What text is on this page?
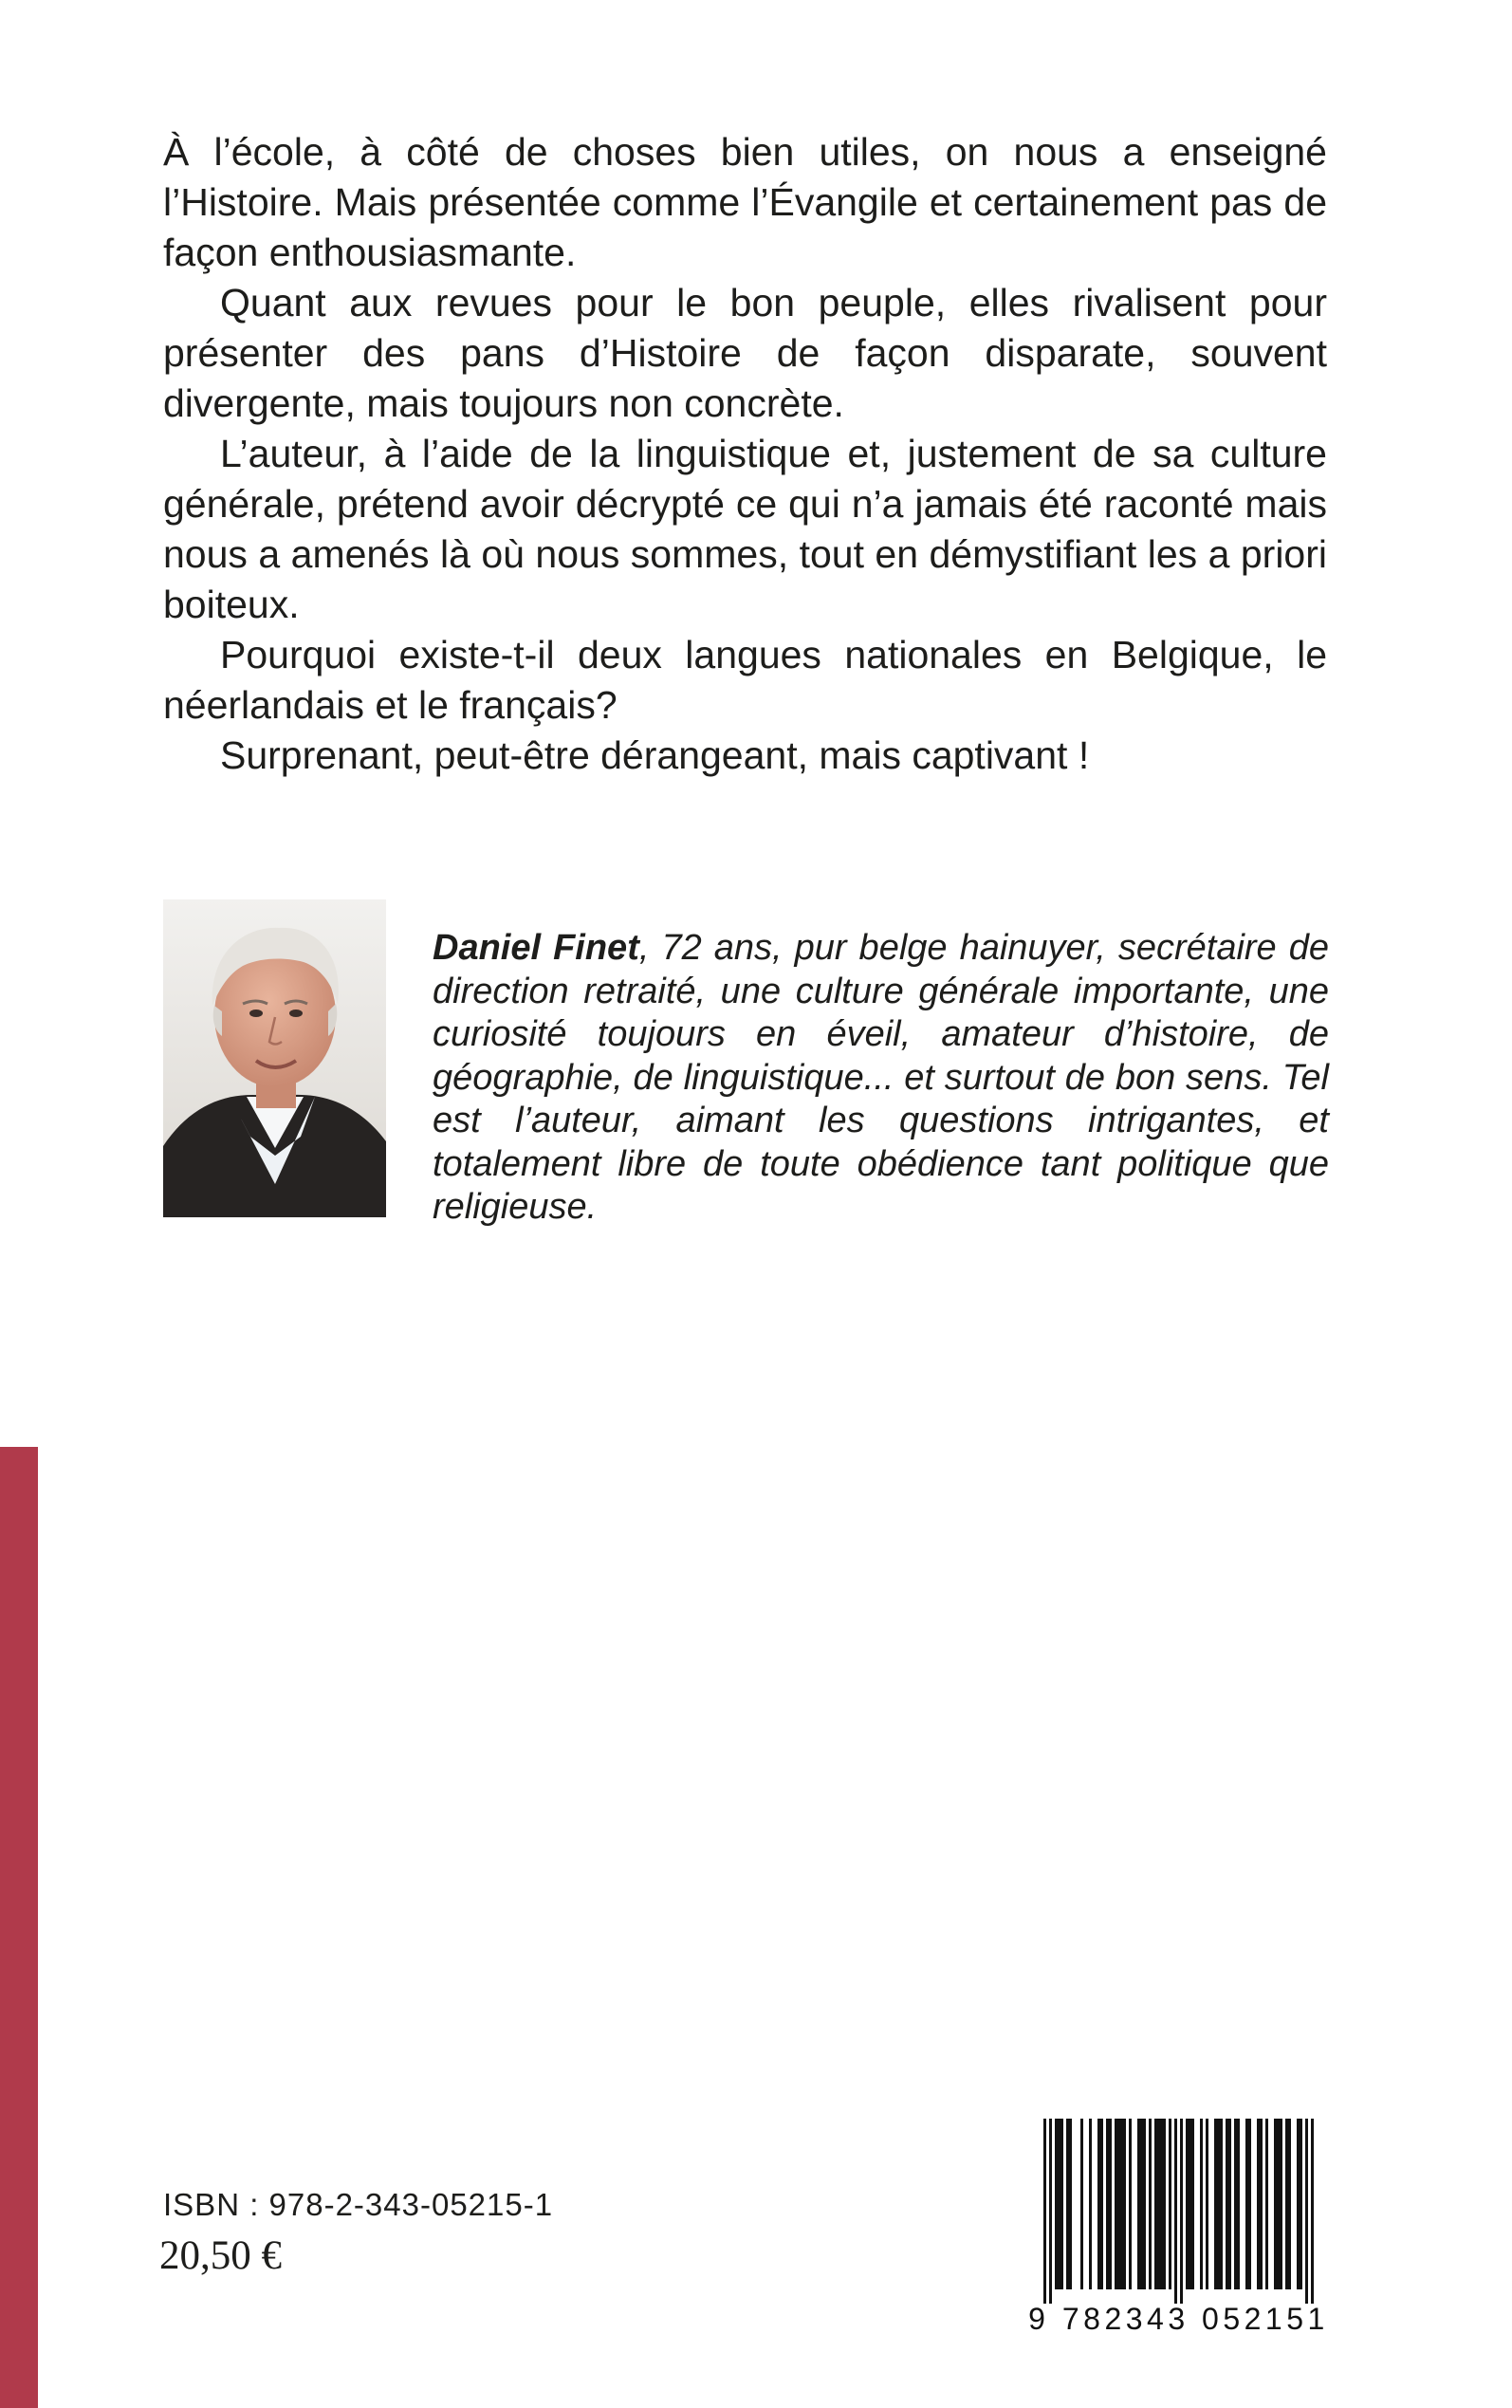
À l’école, à côté de choses bien utiles, on nous a enseigné l’Histoire. Mais présentée comme l’Évangile et certainement pas de façon enthousiasmante.

Quant aux revues pour le bon peuple, elles rivalisent pour présenter des pans d’Histoire de façon disparate, souvent divergente, mais toujours non concrète.

L’auteur, à l’aide de la linguistique et, justement de sa culture générale, prétend avoir décrypté ce qui n’a jamais été raconté mais nous a amenés là où nous sommes, tout en démystifiant les a priori boiteux.

Pourquoi existe-t-il deux langues nationales en Belgique, le néerlandais et le français?

Surprenant, peut-être dérangeant, mais captivant !

Daniel Finet, 72 ans, pur belge hainuyer, secrétaire de direction retraité, une culture générale importante, une curiosité toujours en éveil, amateur d’histoire, de géographie, de linguistique... et surtout de bon sens. Tel est l’auteur, aimant les questions intrigantes, et totalement libre de toute obédience tant politique que religieuse.
ISBN : 978-2-343-05215-1
20,50 €
9 782343 052151
